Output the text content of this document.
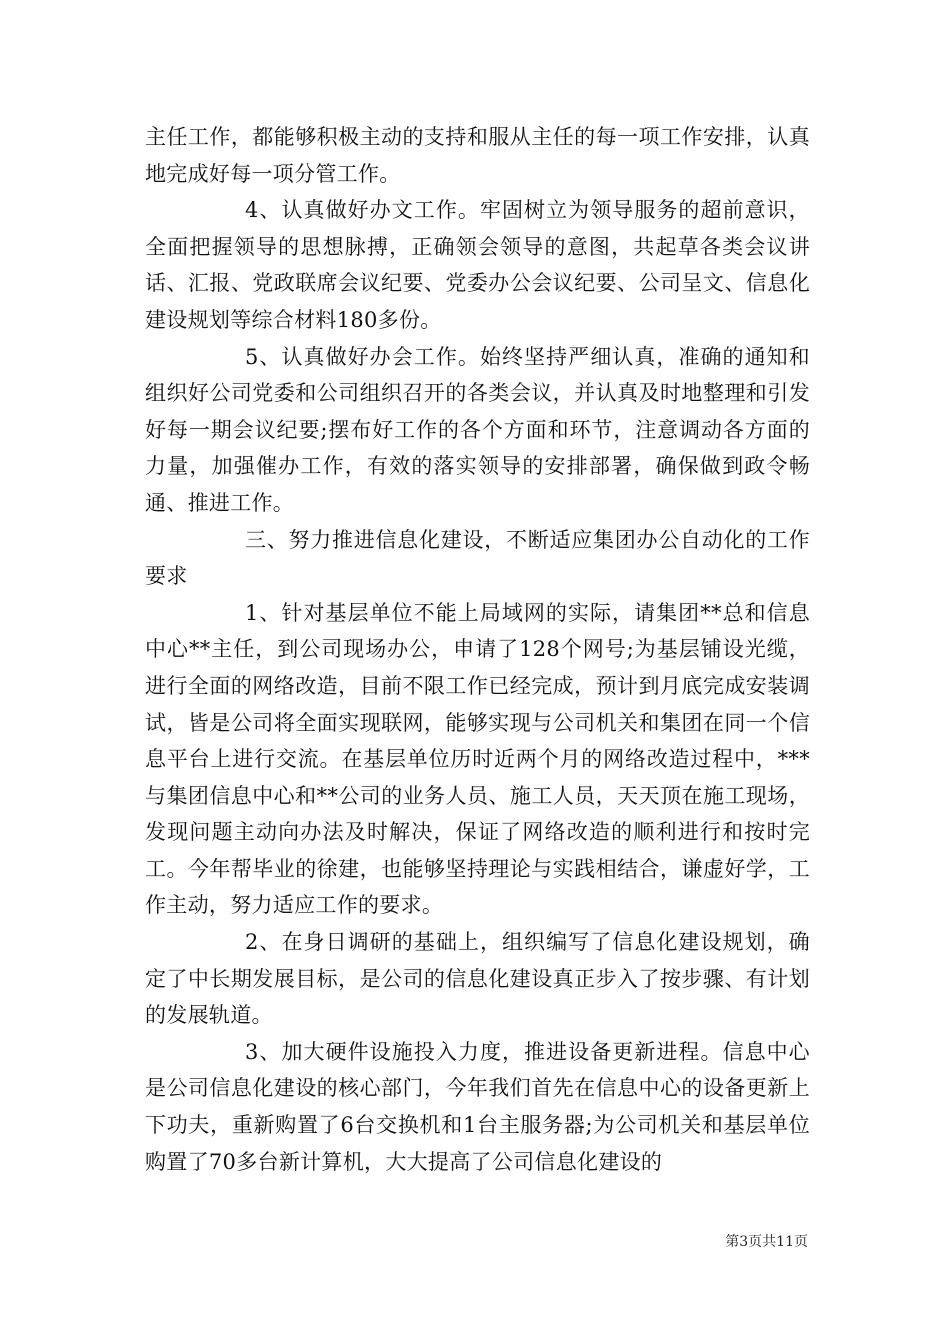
主任工作，都能够积极主动的支持和服从主任的每一项工作安排，认真地完成好每一项分管工作。

4、认真做好办文工作。牢固树立为领导服务的超前意识，全面把握领导的思想脉搏，正确领会领导的意图，共起草各类会议讲话、汇报、党政联席会议纪要、党委办公会议纪要、公司呈文、信息化建设规划等综合材料180多份。

5、认真做好办会工作。始终坚持严细认真，准确的通知和组织好公司党委和公司组织召开的各类会议，并认真及时地整理和引发好每一期会议纪要;摆布好工作的各个方面和环节，注意调动各方面的力量，加强催办工作，有效的落实领导的安排部署，确保做到政令畅通、推进工作。

三、努力推进信息化建设，不断适应集团办公自动化的工作要求

1、针对基层单位不能上局域网的实际，请集团**总和信息中心**主任，到公司现场办公，申请了128个网号;为基层铺设光缆，进行全面的网络改造，目前不限工作已经完成，预计到月底完成安装调试，皆是公司将全面实现联网，能够实现与公司机关和集团在同一个信息平台上进行交流。在基层单位历时近两个月的网络改造过程中，***与集团信息中心和**公司的业务人员、施工人员，天天顶在施工现场，发现问题主动向办法及时解决，保证了网络改造的顺利进行和按时完工。今年帮毕业的徐建，也能够坚持理论与实践相结合，谦虚好学，工作主动，努力适应工作的要求。

2、在身日调研的基础上，组织编写了信息化建设规划，确定了中长期发展目标，是公司的信息化建设真正步入了按步骤、有计划的发展轨道。

3、加大硬件设施投入力度，推进设备更新进程。信息中心是公司信息化建设的核心部门，今年我们首先在信息中心的设备更新上下功夫，重新购置了6台交换机和1台主服务器;为公司机关和基层单位购置了70多台新计算机，大大提高了公司信息化建设的

第3页共11页
